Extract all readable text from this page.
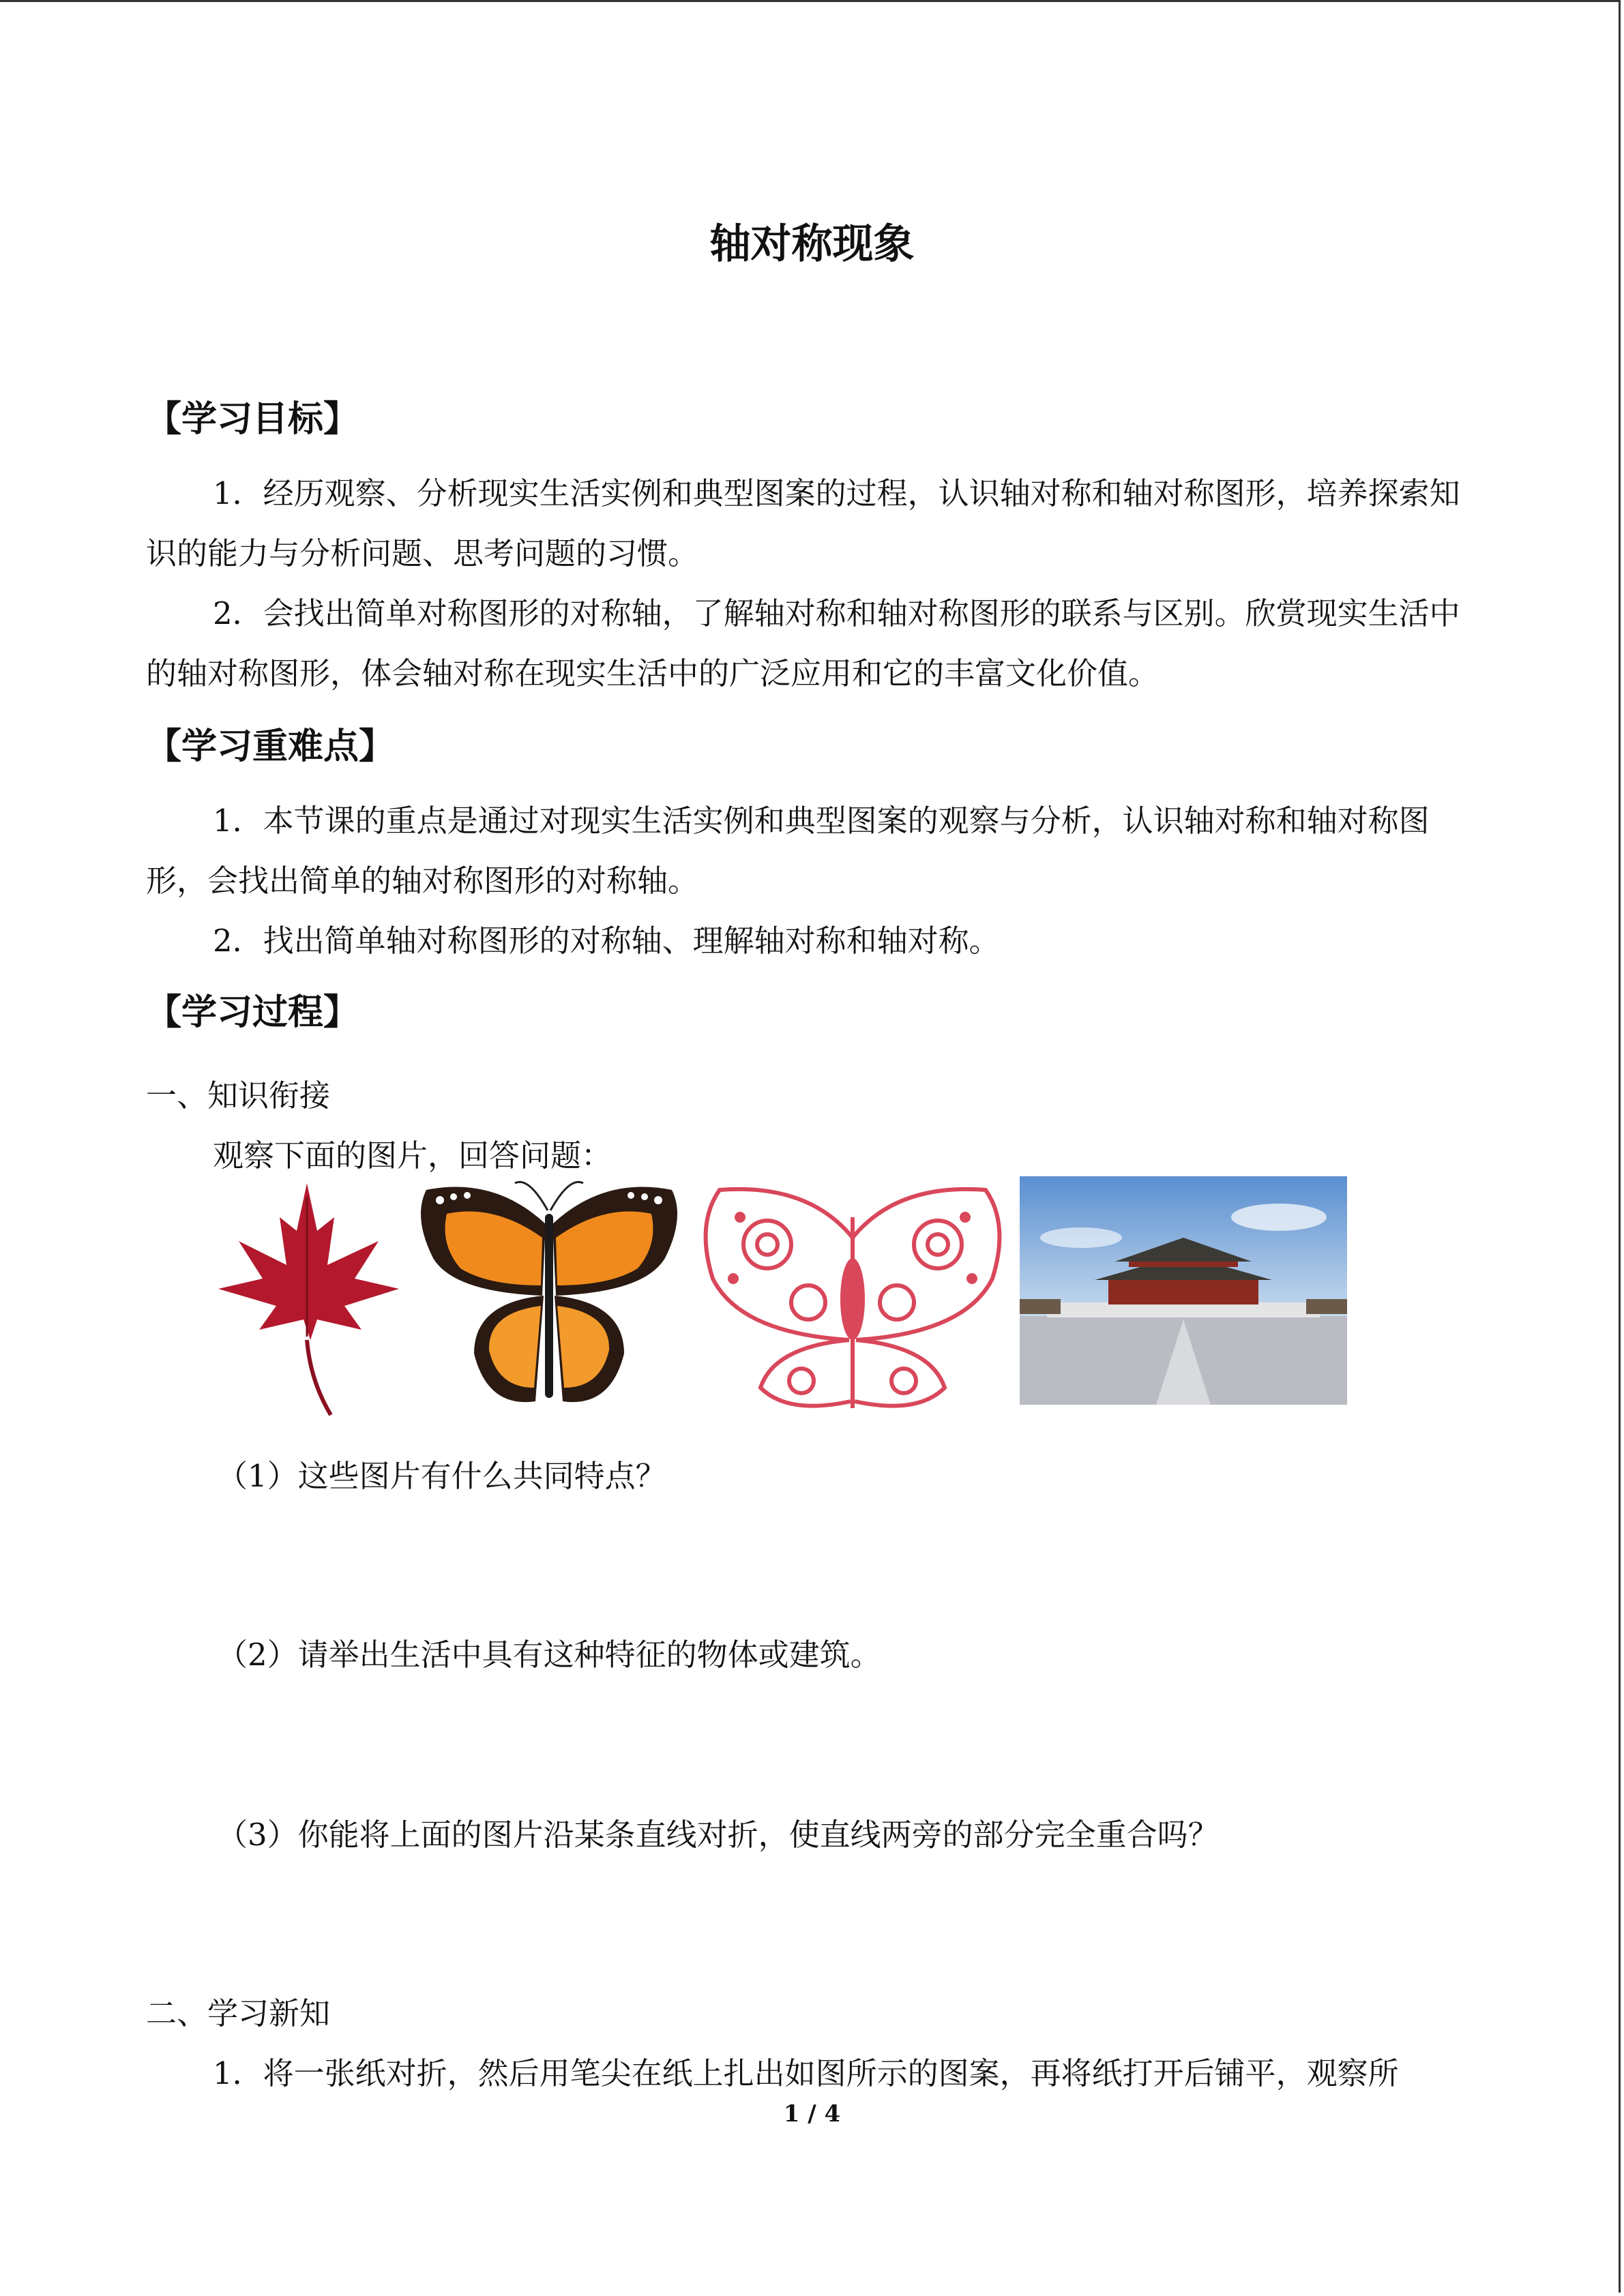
轴对称现象
【学习目标】
1．经历观察、分析现实生活实例和典型图案的过程，认识轴对称和轴对称图形，培养探索知识的能力与分析问题、思考问题的习惯。
2．会找出简单对称图形的对称轴，了解轴对称和轴对称图形的联系与区别。欣赏现实生活中的轴对称图形，体会轴对称在现实生活中的广泛应用和它的丰富文化价值。
【学习重难点】
1．本节课的重点是通过对现实生活实例和典型图案的观察与分析，认识轴对称和轴对称图形，会找出简单的轴对称图形的对称轴。
2．找出简单轴对称图形的对称轴、理解轴对称和轴对称。
【学习过程】
一、知识衔接
观察下面的图片，回答问题：
（1）这些图片有什么共同特点？
（2）请举出生活中具有这种特征的物体或建筑。
（3）你能将上面的图片沿某条直线对折，使直线两旁的部分完全重合吗？
二、学习新知
1．将一张纸对折，然后用笔尖在纸上扎出如图所示的图案，再将纸打开后铺平，观察所
1 / 4
